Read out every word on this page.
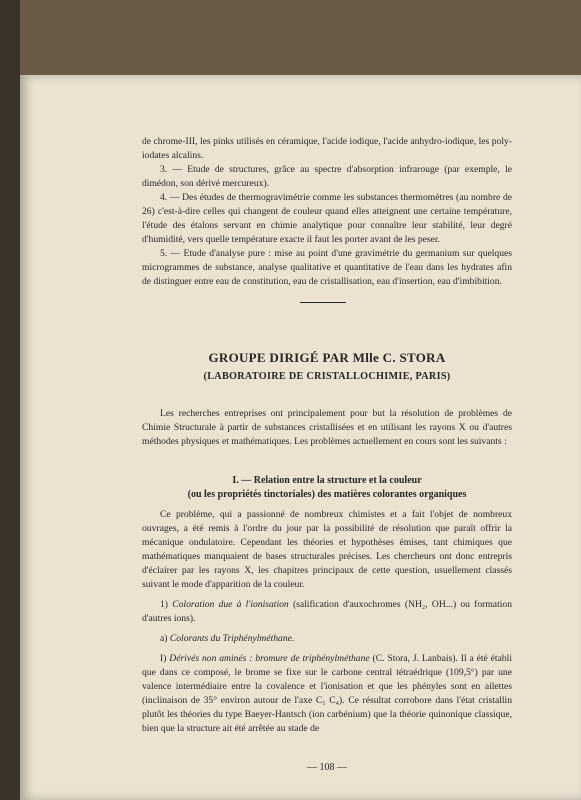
de chrome-III, les pinks utilisés en céramique, l'acide iodique, l'acide anhydro-iodique, les poly-iodates alcalins.

3. — Etude de structures, grâce au spectre d'absorption infrarouge (par exemple, le dimédon, son dérivé mercureux).

4. — Des études de thermogravimétrie comme les substances thermomètres (au nombre de 26) c'est-à-dire celles qui changent de couleur quand elles atteignent une certaine température, l'étude des étalons servant en chimie analytique pour connaître leur stabilité, leur degré d'humidité, vers quelle température exacte il faut les porter avant de les peser.

5. — Etude d'analyse pure : mise au point d'une gravimétrie du germanium sur quelques microgrammes de substance, analyse qualitative et quantitative de l'eau dans les hydrates afin de distinguer entre eau de constitution, eau de cristallisation, eau d'insertion, eau d'imbibition.

GROUPE DIRIGÉ PAR Mlle C. STORA
(LABORATOIRE DE CRISTALLOCHIMIE, PARIS)

Les recherches entreprises ont principalement pour but la résolution de problèmes de Chimie Structurale à partir de substances cristallisées et en utilisant les rayons X ou d'autres méthodes physiques et mathématiques. Les problèmes actuellement en cours sont les suivants :

I. — Relation entre la structure et la couleur
(ou les propriétés tinctoriales) des matières colorantes organiques

Ce problème, qui a passionné de nombreux chimistes et a fait l'objet de nombreux ouvrages, a été remis à l'ordre du jour par la possibilité de résolution que paraît offrir la mécanique ondulatoire. Cependant les théories et hypothèses émises, tant chimiques que mathématiques manquaient de bases structurales précises. Les chercheurs ont donc entrepris d'éclairer par les rayons X, les chapitres principaux de cette question, usuellement classés suivant le mode d'apparition de la couleur.

1) Coloration due à l'ionisation (salification d'auxochromes (NH₂, OH...) ou formation d'autres ions).

a) Colorants du Triphénylméthane.

I) Dérivés non aminés : bromure de triphénylméthane (C. Stora, J. Lanbais). Il a été établi que dans ce composé, le brome se fixe sur le carbone central tétraédrique (109,5°) par une valence intermédiaire entre la covalence et l'ionisation et que les phényles sont en ailettes (inclinaison de 35° environ autour de l'axe C₁ C₄). Ce résultat corrobore dans l'état cristallin plutôt les théories du type Baeyer-Hantsch (ion carbénium) que la théorie quinonique classique, bien que la structure ait été arrêtée au stade de

— 108 —
